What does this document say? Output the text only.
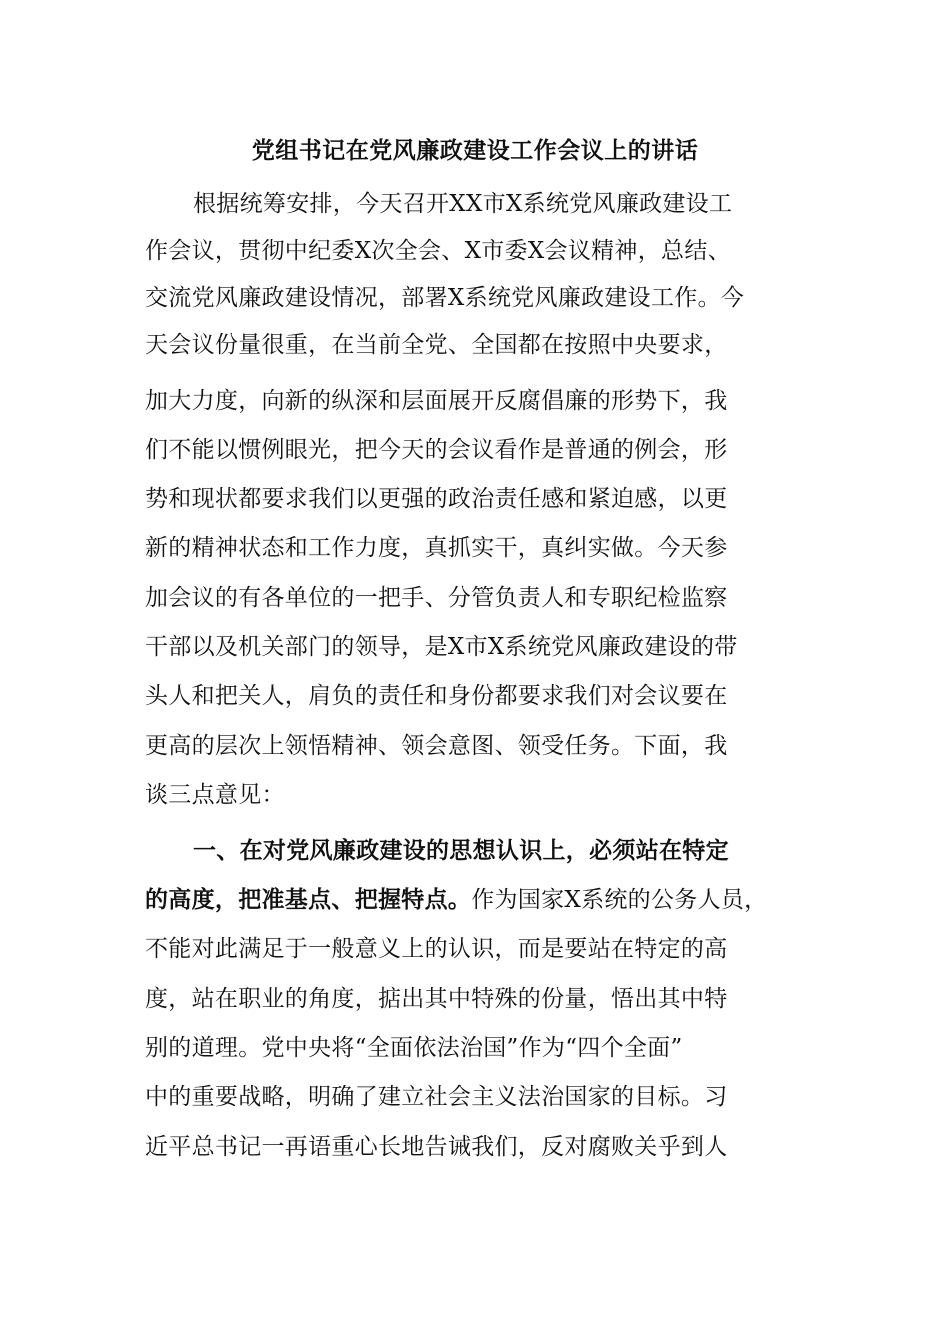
党组书记在党风廉政建设工作会议上的讲话
根据统筹安排，今天召开XX市X系统党风廉政建设工
作会议，贯彻中纪委X次全会、X市委X会议精神，总结、
交流党风廉政建设情况，部署X系统党风廉政建设工作。今
天会议份量很重，在当前全党、全国都在按照中央要求，
加大力度，向新的纵深和层面展开反腐倡廉的形势下，我
们不能以惯例眼光，把今天的会议看作是普通的例会，形
势和现状都要求我们以更强的政治责任感和紧迫感，以更
新的精神状态和工作力度，真抓实干，真纠实做。今天参
加会议的有各单位的一把手、分管负责人和专职纪检监察
干部以及机关部门的领导，是X市X系统党风廉政建设的带
头人和把关人，肩负的责任和身份都要求我们对会议要在
更高的层次上领悟精神、领会意图、领受任务。下面，我
谈三点意见：
一、在对党风廉政建设的思想认识上，必须站在特定
的高度，把准基点、把握特点。作为国家X系统的公务人员，
不能对此满足于一般意义上的认识，而是要站在特定的高
度，站在职业的角度，掂出其中特殊的份量，悟出其中特
别的道理。党中央将“全面依法治国”作为“四个全面”
中的重要战略，明确了建立社会主义法治国家的目标。习
近平总书记一再语重心长地告诫我们，反对腐败关乎到人
